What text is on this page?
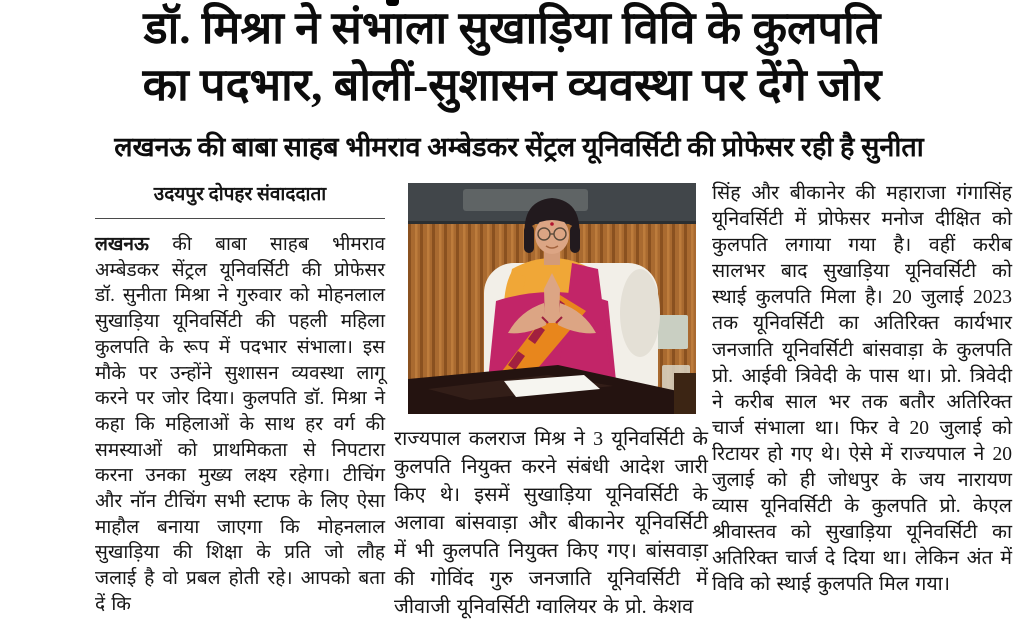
डॉ. मिश्रा ने संभाला सुखाड़िया विवि के कुलपति
का पदभार, बोलीं-सुशासन व्यवस्था पर देंगे जोर
लखनऊ की बाबा साहब भीमराव अम्बेडकर सेंट्रल यूनिवर्सिटी की प्रोफेसर रही है सुनीता
उदयपुर दोपहर संवाददाता

लखनऊ की बाबा साहब भीमराव अम्बेडकर सेंट्रल यूनिवर्सिटी की प्रोफेसर डॉ. सुनीता मिश्रा ने गुरुवार को मोहनलाल सुखाड़िया यूनिवर्सिटी की पहली महिला कुलपति के रूप में पदभार संभाला। इस मौके पर उन्होंने सुशासन व्यवस्था लागू करने पर जोर दिया। कुलपति डॉ. मिश्रा ने कहा कि महिलाओं के साथ हर वर्ग की समस्याओं को प्राथमिकता से निपटारा करना उनका मुख्य लक्ष्य रहेगा। टीचिंग और नॉन टीचिंग सभी स्टाफ के लिए ऐसा माहौल बनाया जाएगा कि मोहनलाल सुखाड़िया की शिक्षा के प्रति जो लौह जलाई है वो प्रबल होती रहे। आपको बता दें कि

राज्यपाल कलराज मिश्र ने 3 यूनिवर्सिटी के कुलपति नियुक्त करने संबंधी आदेश जारी किए थे। इसमें सुखाड़िया यूनिवर्सिटी के अलावा बांसवाड़ा और बीकानेर यूनिवर्सिटी में भी कुलपति नियुक्त किए गए। बांसवाड़ा की गोविंद गुरु जनजाति यूनिवर्सिटी में जीवाजी यूनिवर्सिटी ग्वालियर के प्रो. केशव

सिंह और बीकानेर की महाराजा गंगासिंह यूनिवर्सिटी में प्रोफेसर मनोज दीक्षित को कुलपति लगाया गया है। वहीं करीब सालभर बाद सुखाड़िया यूनिवर्सिटी को स्थाई कुलपति मिला है। 20 जुलाई 2023 तक यूनिवर्सिटी का अतिरिक्त कार्यभार जनजाति यूनिवर्सिटी बांसवाड़ा के कुलपति प्रो. आईवी त्रिवेदी के पास था। प्रो. त्रिवेदी ने करीब साल भर तक बतौर अतिरिक्त चार्ज संभाला था। फिर वे 20 जुलाई को रिटायर हो गए थे। ऐसे में राज्यपाल ने 20 जुलाई को ही जोधपुर के जय नारायण व्यास यूनिवर्सिटी के कुलपति प्रो. केएल श्रीवास्तव को सुखाड़िया यूनिवर्सिटी का अतिरिक्त चार्ज दे दिया था। लेकिन अंत में विवि को स्थाई कुलपति मिल गया।
